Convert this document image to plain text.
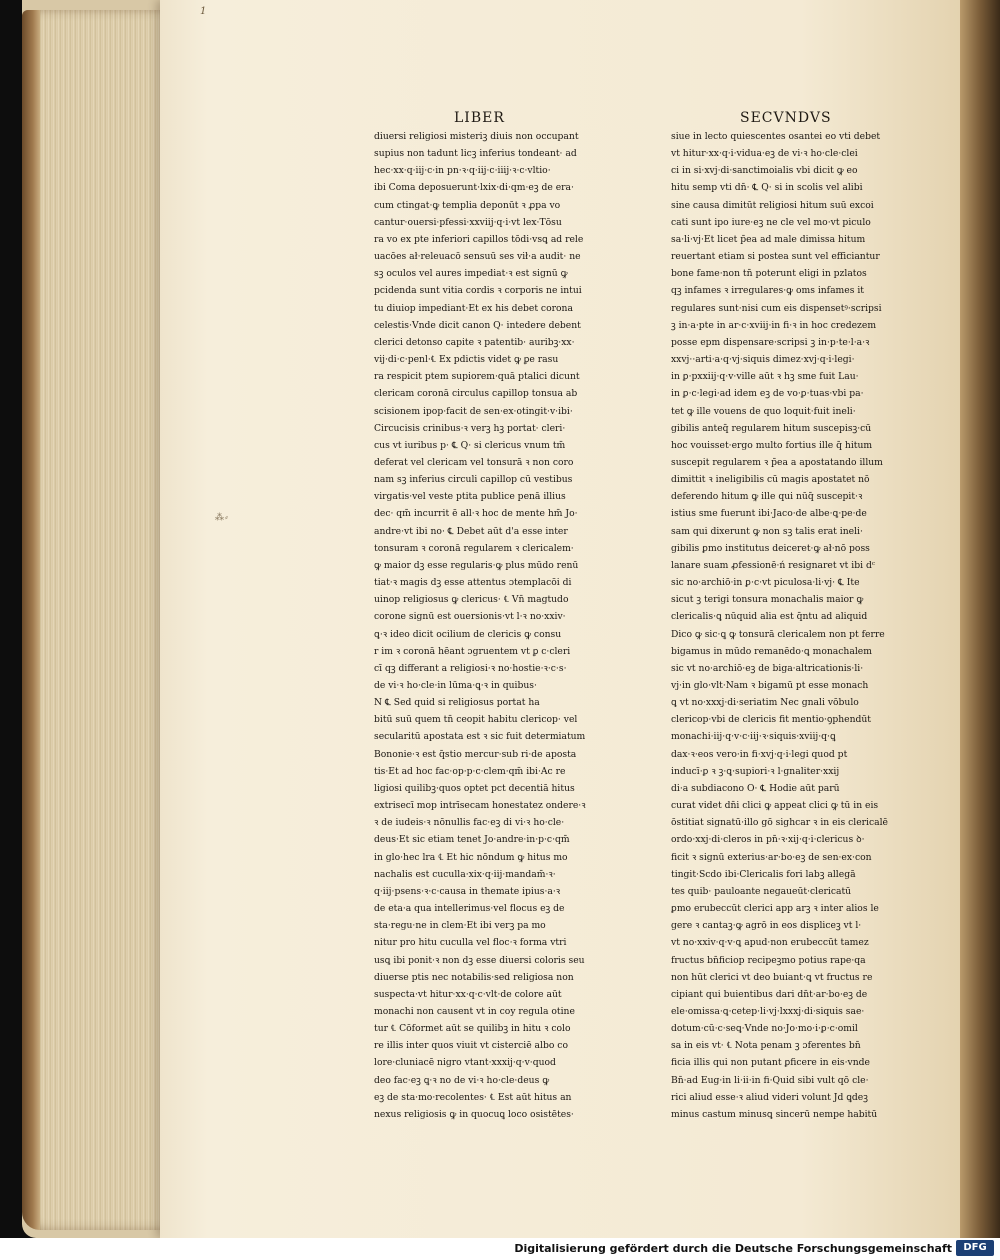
1
⁂⸗
LIBER	SECVNDVS
diuersi religiosi misteriꝫ diuis non occupant
supius non tadunt licꝫ inferius tondeant· ad
hec·xx·q·iij·c·in pn·ꝛ·q·iij·c·iiij·ꝛ·c·vltio·
ibi Coma deposuerunt·lxix·di·qm·eꝫ de era·
cum ctingat·ꝙ templia deponūt ꝛ ꝓpa vo
cantur·ouersi·pfessi·xxviij·q·i·vt lex·Tōsu
ra vo ex pte inferiori capillos tōdi·vsꝗ ad rele
uacōes ał·releuacō sensuū ses vił·a audit· ne
sꝫ oculos vel aures impediat·ꝛ est signū ꝙ
pcidenda sunt vitia cordis ꝛ corporis ne intui
tu diuiop impediant·Et ex his debet corona
celestis·Vnde dicit canon Q· intedere debent
clerici detonso capite ꝛ patentib· auribꝫ·xx·
vij·di·c·penl·℄ Ex pdictis videt ꝙ ꝑe rasu
ra respicit ptem supiorem·quā ptalici dicunt
clericam coronā circulus capillop tonsua ab
scisionem ipop·facit de sen·ex·otingit·v·ibi·
Circucisis crinibus·ꝛ verꝫ hꝫ portat· cleri·
cus vt iuribus p· ℄ Q· si clericus vnum tm̄
deferat vel clericam vel tonsurā ꝛ non coro
nam sꝫ inferius circuli capillop cū vestibus
virgatis·vel veste ptita publice penā illius
dec· qm̄ incurrit ē all·ꝛ hoc de mente hm̄ Jo·
andre·vt ibi no· ℄ Debet aūt d'a esse inter
tonsuram ꝛ coronā regularem ꝛ clericalem·
ꝙ maior dꝫ esse regularis·ꝙ plus mūdo renū
tiat·ꝛ magis dꝫ esse attentus ɔtemplacōi di
uinop religiosus ꝙ clericus· ℄ Vn̄ magtudo
corone signū est ouersionis·vt l·ꝛ no·xxiv·
ꝗ·ꝛ ideo dicit ocilium de clericis ꝙ consu
r im ꝛ coronā hēant ɔgruentem vt ꝑ c·cleri
cī qꝫ differant a religiosi·ꝛ no·hostie·ꝛ·c·s·
de vi·ꝛ ho·cle·in lūma·ꝗ·ꝛ in quibus·
N ℄ Sed quid si religiosus portat ha
bitū suū quem tn̄ ceopit habitu clericop· vel
secularitū apostata est ꝛ sic fuit determiatum
Bononie·ꝛ est q̄stio mercur·sub ri·de aposta
tis·Et ad hoc fac·op·p·c·clem·qm̄ ibi·Ac re
ligiosi quilibꝫ·quos optet pct decentiā hitus
extrisecī mop intrīsecam honestatez ondere·ꝛ
ꝛ de iudeis·ꝛ nōnullis fac·eꝫ di vi·ꝛ ho·cle·
deus·Et sic etiam tenet Jo·andre·in·p·c·qm̄
in glo·hec lra ℄ Et hic nōndum ꝙ hitus mo
nachalis est cuculla·xix·q·iij·mandam̄·ꝛ·
q·iij·psens·ꝛ·c·causa in themate ipius·a·ꝛ
de eta·a qua intellerimus·vel flocus eꝫ de
sta·regu·ne in clem·Et ibi verꝫ pa mo
nitur pro hitu cuculla vel floc·ꝛ forma vtri
usꝗ ibi ponit·ꝛ non dꝫ esse diuersi coloris seu
diuerse ptis nec notabilis·sed religiosa non
suspecta·vt hitur·xx·q·c·vlt·de colore aūt
monachi non causent vt in coy regula otine
tur ℄ Cōformet aūt se quilibꝫ in hitu ꝛ colo
re illis inter quos viuit vt cisterciē albo co
lore·cluniacē nigro vtant·xxxij·q·v·quod
deo fac·eꝫ ꝗ·ꝛ no de vi·ꝛ ho·cle·deus ꝙ
eꝫ de sta·mo·recolentes· ℄ Est aūt hitus an
nexus religiosis ꝙ in quocuꝗ loco osistētes·
siue in lecto quiescentes osantei eo vti debet
vt hitur·xx·q·i·vidua·eꝫ de vi·ꝛ ho·cle·clei
ci in si·xvj·di·sanctimoialis vbi dicit ꝙ eo
hitu semp vti dn̄· ℄ Q· si in scolis vel alibi
sine causa dimitūt religiosi hitum suū excoi
cati sunt ipo iure·eꝫ ne cle vel mo·vt piculo
sa·li·vj·Et licet p̄ea ad male dimissa hitum
reuertant etiam si postea sunt vel efficiantur
bone fame·non tn̄ poterunt eligi in pzlatos
qꝫ infames ꝛ irregulares·ꝙ oms infames it
regulares sunt·nisi cum eis dispensetꝰ·scripsi
ꝫ in·a·pte in ar·c·xviij·in fi·ꝛ in hoc credezem
posse epm dispensare·scripsi ꝫ in·p·te·l·a·ꝛ
xxvj··arti·a·q·vj·siquis dimez·xvj·q·i·legi·
in ꝑ·pxxiij·q·v·ville aūt ꝛ hꝫ sme fuit Lau·
in ꝑ·c·legi·ad idem eꝫ de vo·ꝑ·tuas·vbi pa·
tet ꝙ ille vouens de quo loquit·fuit ineli·
gibilis anteq̄ regularem hitum suscepisꝫ·cū
hoc vouisset·ergo multo fortius ille q̄ hitum
suscepit regularem ꝛ p̄ea a apostatando illum
dimittit ꝛ ineligibilis cū magis apostatet nō
deferendo hitum ꝙ ille qui nūq̄ suscepit·ꝛ
istius sme fuerunt ibi·Jaco·de albe·ꝗ·pe·de
sam qui dixerunt ꝙ non sꝫ talis erat ineli·
gibilis ꝑmo institutus deiceret·ꝙ ał·nō poss
lanare suam ꝓfessionē·ń resignaret vt ibi dᶜ
sic no·archiō·in ꝑ·c·vt piculosa·li·vj· ℄ Ite
sicut ꝫ terigi tonsura monachalis maior ꝙ
clericalis·ꝗ nūquid alia est q̄ntu ad aliquid
Dico ꝙ sic·ꝗ ꝙ tonsurā clericalem non pt ferre
bigamus in mūdo remanēdo·ꝗ monachalem
sic vt no·archiō·eꝫ de biga·altricationis·li·
vj·in glo·vlt·Nam ꝛ bigamū pt esse monach
ꝗ vt no·xxxj·di·seriatim Nec gnali vōbulo
clericop·vbi de clericis fit mentio·ꝯphendūt
monachi·iij·q·v·c·iij·ꝛ·siquis·xviij·q·ꝗ
dax·ꝛ·eos vero·in fi·xvj·q·i·legi quod pt
inducī·ꝑ ꝛ ꝫ·ꝗ·supiori·ꝛ l·gnaliter·xxij
di·a subdiacono O· ℄ Hodie aūt parū
curat videt dn̄i clici ꝙ appeat clici ꝙ tū in eis
ōstitiat signatū·illo gō sighcar ꝛ in eis clericalē
ordo·xxj·di·cleros in pn̄·ꝛ·xij·q·i·clericus ꝺ·
ficit ꝛ signū exterius·ar·bo·eꝫ de sen·ex·con
tingit·Scdo ibi·Clericalis fori labꝫ allegā
tes quib· pauloante negaueūt·clericatū
ꝑmo erubeccūt clerici app arꝫ ꝛ inter alios le
gere ꝛ cantaꝫ·ꝙ agrō in eos displiceꝫ vt l·
vt no·xxiv·q·v·ꝗ apud·non erubeccūt tamez
fructus bn̄ficiop recipeꝫmo potius rape·qa
non hūt clerici vt deo buiant·ꝗ vt fructus re
cipiant qui buientibus dari dn̄t·ar·bo·eꝫ de
ele·omissa·ꝗ·cetep·li·vj·lxxxj·di·siquis sae·
dotum·cū·c·seꝗ·Vnde no·Jo·mo·i·ꝑ·c·omil
sa in eis vt· ℄ Nota penam ꝫ ɔferentes bn̄
ficia illis qui non putant ꝑficere in eis·vnde
Bn̄·ad Eug·in li·ii·in fi·Quid sibi vult qō cle·
rici aliud esse·ꝛ aliud videri volunt Jd ꝗdeꝫ
minus castum minusꝗ sincerū nempe habitū
Digitalisierung gefördert durch die Deutsche Forschungsgemeinschaft	DFG
